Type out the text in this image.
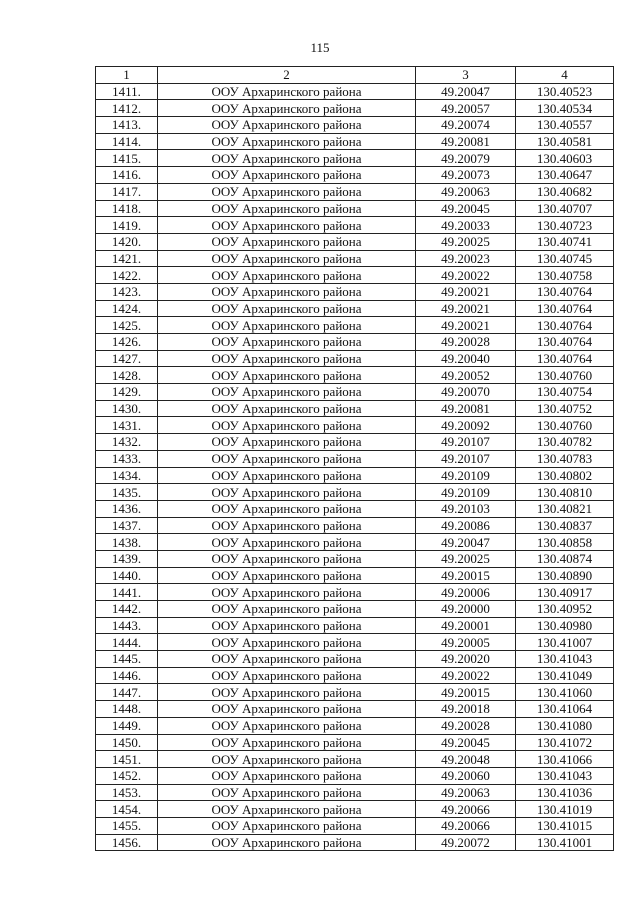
115
1	2	3	4
1411.	ООУ Архаринского района	49.20047	130.40523
1412.	ООУ Архаринского района	49.20057	130.40534
1413.	ООУ Архаринского района	49.20074	130.40557
1414.	ООУ Архаринского района	49.20081	130.40581
1415.	ООУ Архаринского района	49.20079	130.40603
1416.	ООУ Архаринского района	49.20073	130.40647
1417.	ООУ Архаринского района	49.20063	130.40682
1418.	ООУ Архаринского района	49.20045	130.40707
1419.	ООУ Архаринского района	49.20033	130.40723
1420.	ООУ Архаринского района	49.20025	130.40741
1421.	ООУ Архаринского района	49.20023	130.40745
1422.	ООУ Архаринского района	49.20022	130.40758
1423.	ООУ Архаринского района	49.20021	130.40764
1424.	ООУ Архаринского района	49.20021	130.40764
1425.	ООУ Архаринского района	49.20021	130.40764
1426.	ООУ Архаринского района	49.20028	130.40764
1427.	ООУ Архаринского района	49.20040	130.40764
1428.	ООУ Архаринского района	49.20052	130.40760
1429.	ООУ Архаринского района	49.20070	130.40754
1430.	ООУ Архаринского района	49.20081	130.40752
1431.	ООУ Архаринского района	49.20092	130.40760
1432.	ООУ Архаринского района	49.20107	130.40782
1433.	ООУ Архаринского района	49.20107	130.40783
1434.	ООУ Архаринского района	49.20109	130.40802
1435.	ООУ Архаринского района	49.20109	130.40810
1436.	ООУ Архаринского района	49.20103	130.40821
1437.	ООУ Архаринского района	49.20086	130.40837
1438.	ООУ Архаринского района	49.20047	130.40858
1439.	ООУ Архаринского района	49.20025	130.40874
1440.	ООУ Архаринского района	49.20015	130.40890
1441.	ООУ Архаринского района	49.20006	130.40917
1442.	ООУ Архаринского района	49.20000	130.40952
1443.	ООУ Архаринского района	49.20001	130.40980
1444.	ООУ Архаринского района	49.20005	130.41007
1445.	ООУ Архаринского района	49.20020	130.41043
1446.	ООУ Архаринского района	49.20022	130.41049
1447.	ООУ Архаринского района	49.20015	130.41060
1448.	ООУ Архаринского района	49.20018	130.41064
1449.	ООУ Архаринского района	49.20028	130.41080
1450.	ООУ Архаринского района	49.20045	130.41072
1451.	ООУ Архаринского района	49.20048	130.41066
1452.	ООУ Архаринского района	49.20060	130.41043
1453.	ООУ Архаринского района	49.20063	130.41036
1454.	ООУ Архаринского района	49.20066	130.41019
1455.	ООУ Архаринского района	49.20066	130.41015
1456.	ООУ Архаринского района	49.20072	130.41001
